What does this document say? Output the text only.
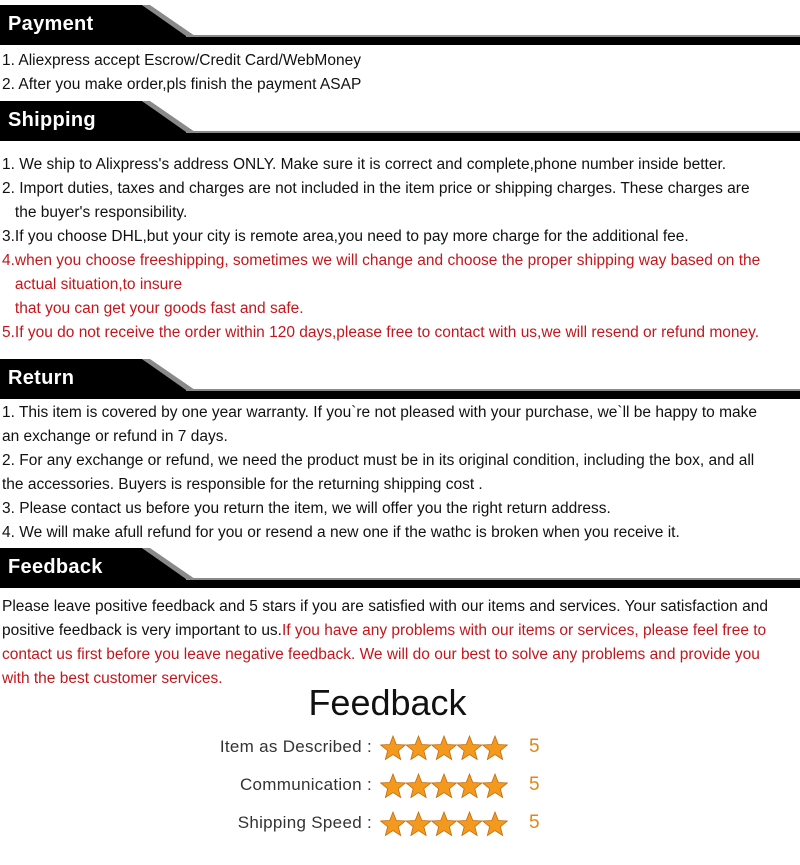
Payment
1. Aliexpress accept Escrow/Credit Card/WebMoney
2. After you make order,pls finish the payment ASAP
Shipping
1. We ship to Alixpress's address ONLY. Make sure it is correct and complete,phone number inside better.
2. Import duties, taxes and charges are not included in the item price or shipping charges. These charges are
the buyer's responsibility.
3.If you choose DHL,but your city is remote area,you need to pay more charge for the additional fee.
4.when you choose freeshipping, sometimes we will change and choose the proper shipping way based on the
actual situation,to insure
that you can get your goods fast and safe.
5.If you do not receive the order within 120 days,please free to contact with us,we will resend or refund money.
Return
1. This item is covered by one year warranty. If you`re not pleased with your purchase, we`ll be happy to make
an exchange or refund in 7 days.
2. For any exchange or refund, we need the product must be in its original condition, including the box, and all
the accessories. Buyers is responsible for the returning shipping cost .
3. Please contact us before you return the item, we will offer you the right return address.
4. We will make afull refund for you or resend a new one if the wathc is broken when you receive it.
Feedback
Please leave positive feedback and 5 stars if you are satisfied with our items and services. Your satisfaction and
positive feedback is very important to us.If you have any problems with our items or services, please feel free to
contact us first before you leave negative feedback. We will do our best to solve any problems and provide you
with the best customer services.
Feedback
Item as Described :	5
Communication :	5
Shipping Speed :	5
